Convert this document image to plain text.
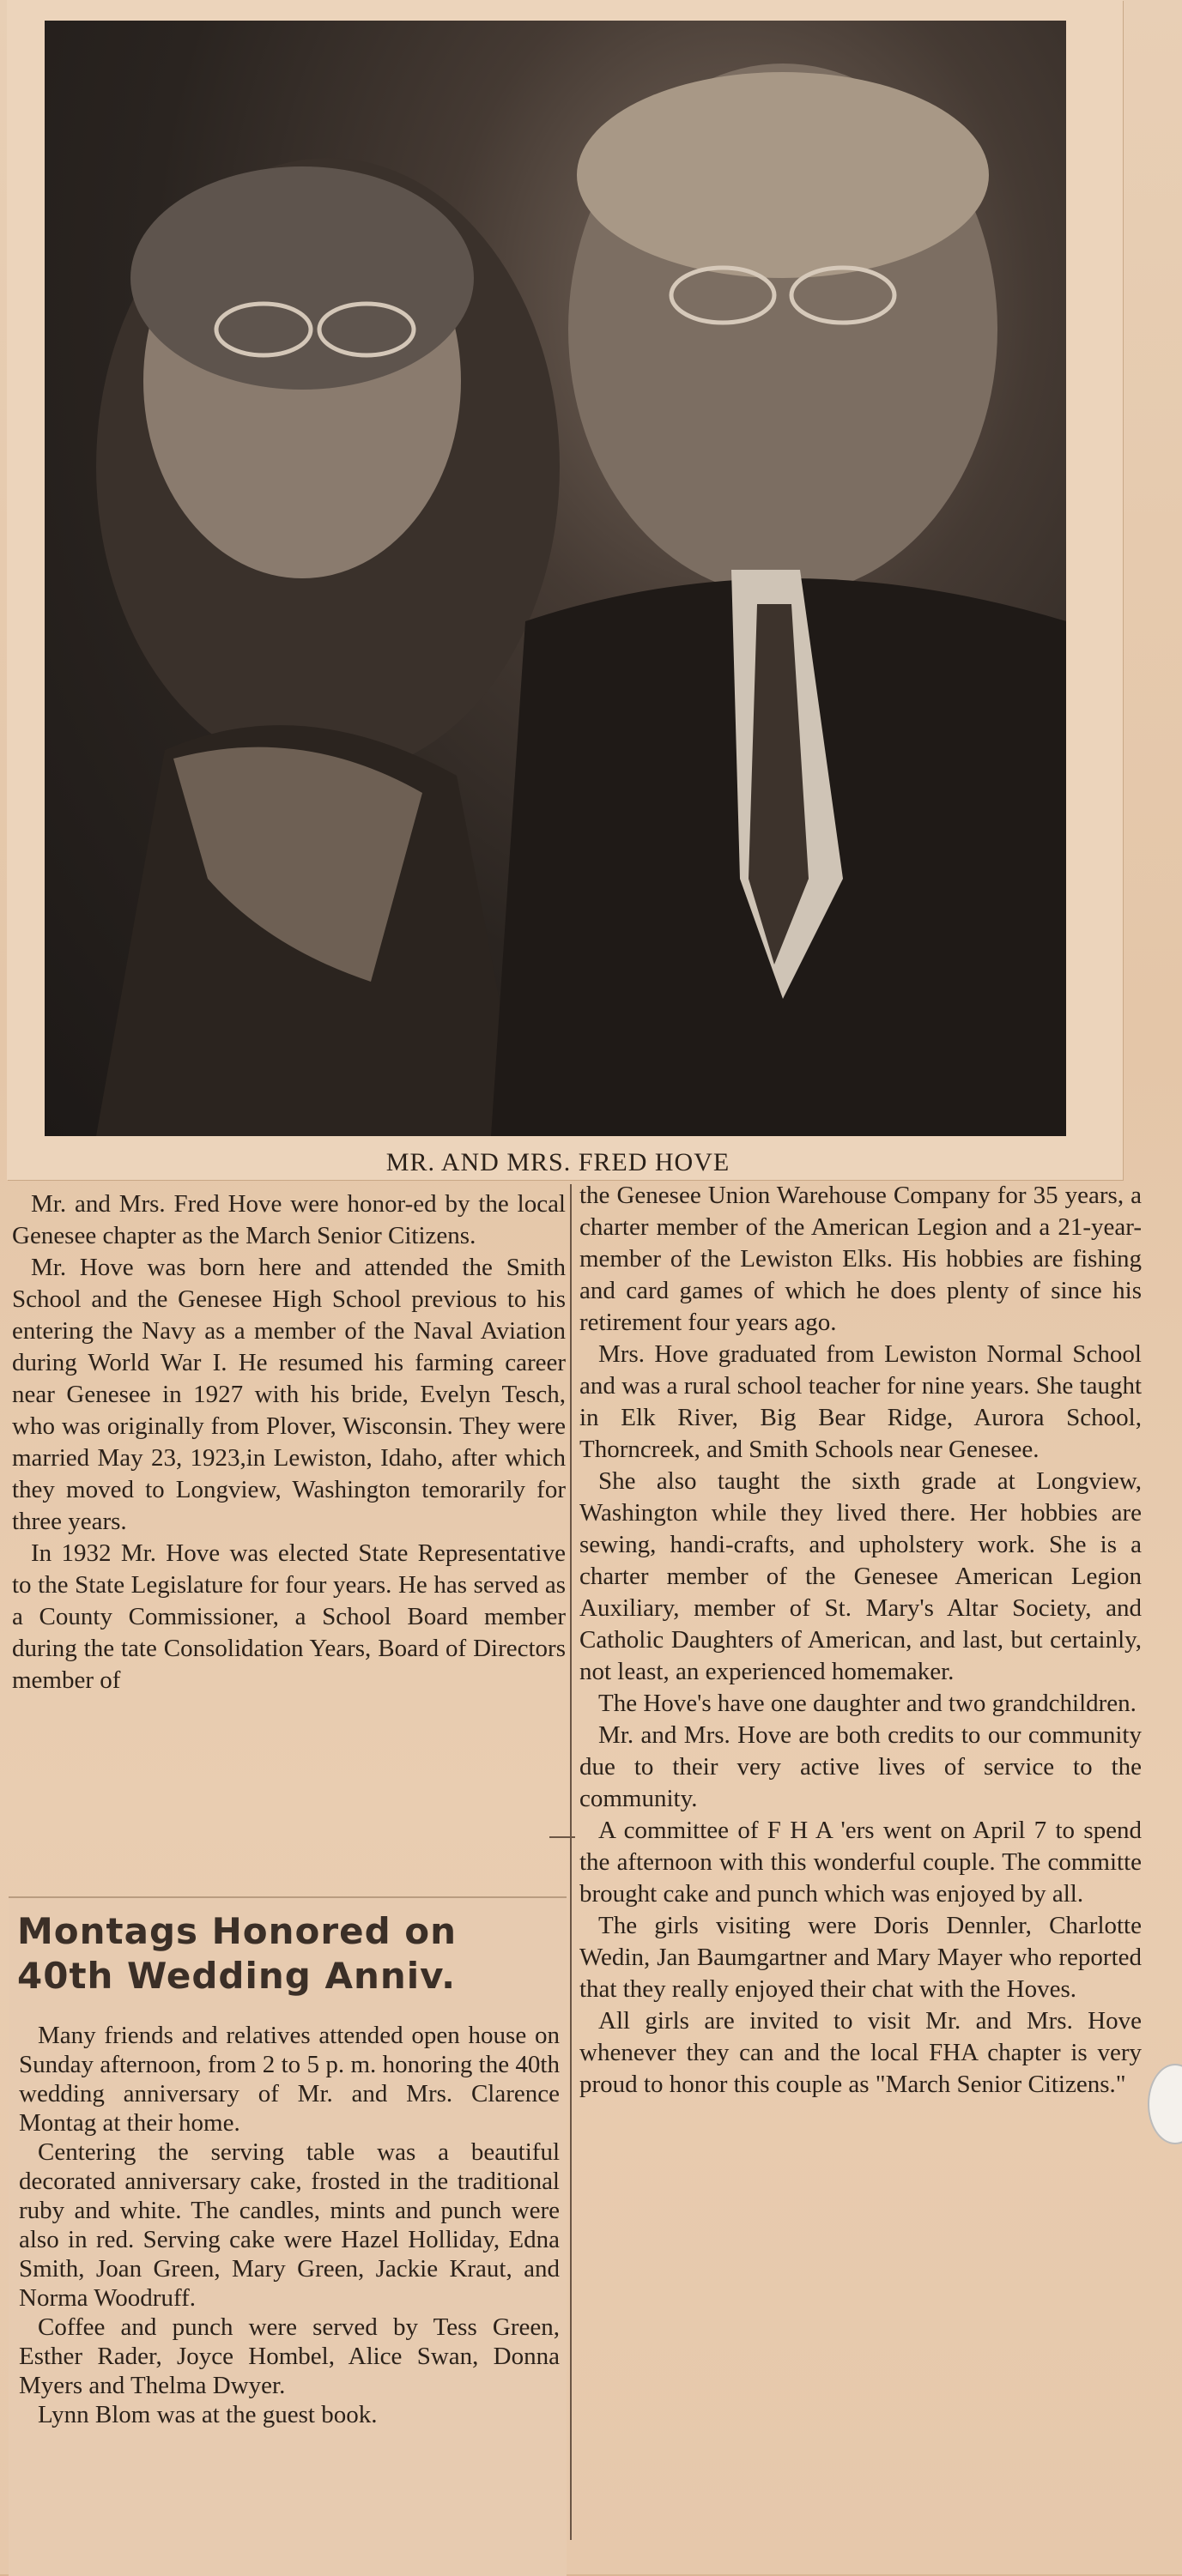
MR. AND MRS. FRED HOVE

Mr. and Mrs. Fred Hove were honor-ed by the local Genesee chapter as the March Senior Citizens.

Mr. Hove was born here and attended the Smith School and the Genesee High School previous to his entering the Navy as a member of the Naval Aviation during World War I. He resumed his farming career near Genesee in 1927 with his bride, Evelyn Tesch, who was originally from Plover, Wisconsin. They were married May 23, 1923,in Lewiston, Idaho, after which they moved to Longview, Washington temorarily for three years.

In 1932 Mr. Hove was elected State Representative to the State Legislature for four years. He has served as a County Commissioner, a School Board member during the tate Consolidation Years, Board of Directors member of

the Genesee Union Warehouse Company for 35 years, a charter member of the American Legion and a 21-year-member of the Lewiston Elks. His hobbies are fishing and card games of which he does plenty of since his retirement four years ago.

Mrs. Hove graduated from Lewiston Normal School and was a rural school teacher for nine years. She taught in Elk River, Big Bear Ridge, Aurora School, Thorncreek, and Smith Schools near Genesee.

She also taught the sixth grade at Longview, Washington while they lived there. Her hobbies are sewing, handi-crafts, and upholstery work. She is a charter member of the Genesee American Legion Auxiliary, member of St. Mary's Altar Society, and Catholic Daughters of American, and last, but certainly, not least, an experienced homemaker.

The Hove's have one daughter and two grandchildren.

Mr. and Mrs. Hove are both credits to our community due to their very active lives of service to the community.

A committee of F H A 'ers went on April 7 to spend the afternoon with this wonderful couple. The committe brought cake and punch which was enjoyed by all.

The girls visiting were Doris Dennler, Charlotte Wedin, Jan Baumgartner and Mary Mayer who reported that they really enjoyed their chat with the Hoves.

All girls are invited to visit Mr. and Mrs. Hove whenever they can and the local FHA chapter is very proud to honor this couple as "March Senior Citizens."

Montags Honored on
40th Wedding Anniv.

Many friends and relatives attended open house on Sunday afternoon, from 2 to 5 p. m. honoring the 40th wedding anniversary of Mr. and Mrs. Clarence Montag at their home.

Centering the serving table was a beautiful decorated anniversary cake, frosted in the traditional ruby and white. The candles, mints and punch were also in red. Serving cake were Hazel Holliday, Edna Smith, Joan Green, Mary Green, Jackie Kraut, and Norma Woodruff.

Coffee and punch were served by Tess Green, Esther Rader, Joyce Hombel, Alice Swan, Donna Myers and Thelma Dwyer.

Lynn Blom was at the guest book.
